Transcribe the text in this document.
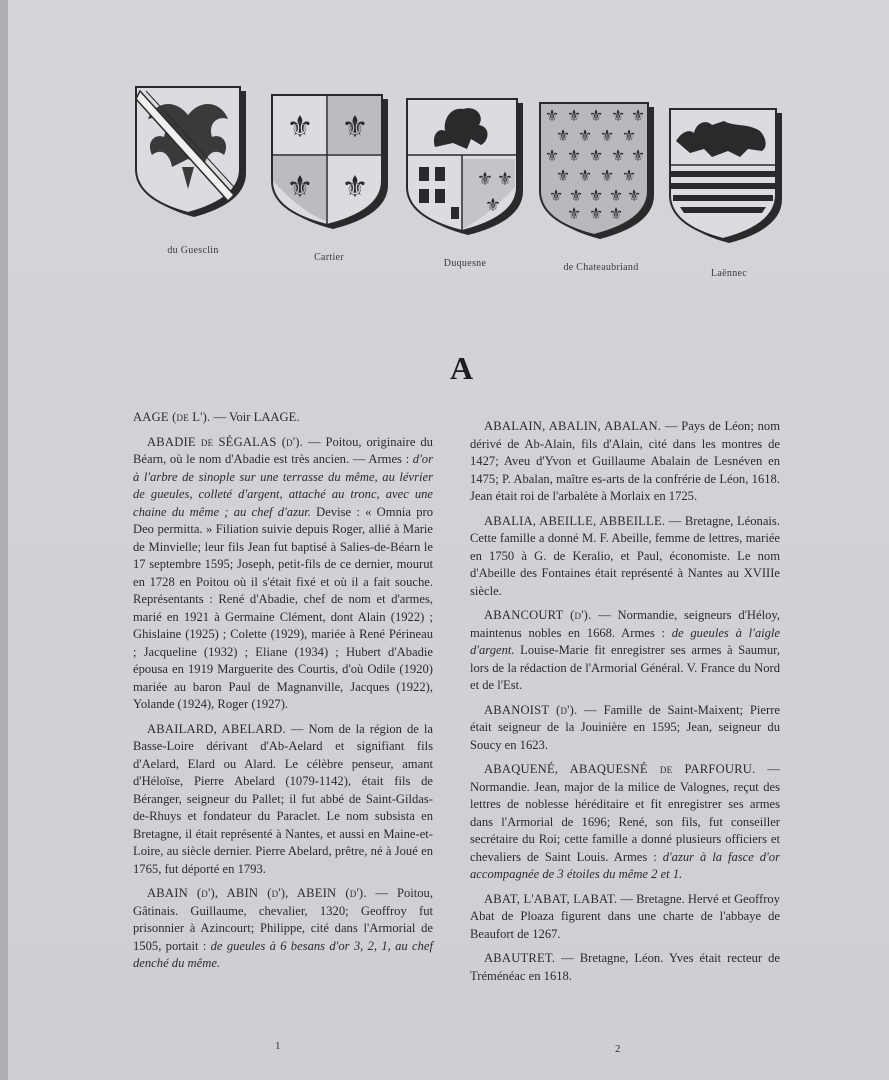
du Guesclin
⚜ ⚜
⚜ ⚜
Cartier
⚜ ⚜
⚜
Duquesne
⚜ ⚜ ⚜ ⚜ ⚜
⚜ ⚜ ⚜ ⚜
⚜ ⚜ ⚜ ⚜ ⚜
⚜ ⚜ ⚜ ⚜
⚜ ⚜ ⚜ ⚜ ⚜
⚜ ⚜ ⚜
de Chateaubriand
Laënnec
A

AAGE (de L'). — Voir LAAGE.

ABADIE de SÉGALAS (d'). — Poitou, originaire du Béarn, où le nom d'Abadie est très ancien. — Armes : d'or à l'arbre de sinople sur une terrasse du même, au lévrier de gueules, colleté d'argent, attaché au tronc, avec une chaine du même ; au chef d'azur. Devise : « Omnia pro Deo permitta. » Filiation suivie depuis Roger, allié à Marie de Minvielle; leur fils Jean fut baptisé à Salies-de-Béarn le 17 septembre 1595; Joseph, petit-fils de ce dernier, mourut en 1728 en Poitou où il s'était fixé et où il a fait souche. Représentants : René d'Abadie, chef de nom et d'armes, marié en 1921 à Germaine Clément, dont Alain (1922) ; Ghislaine (1925) ; Colette (1929), mariée à René Périneau ; Jacqueline (1932) ; Eliane (1934) ; Hubert d'Abadie épousa en 1919 Marguerite des Courtis, d'où Odile (1920) mariée au baron Paul de Magnanville, Jacques (1922), Yolande (1924), Roger (1927).

ABAILARD, ABELARD. — Nom de la région de la Basse-Loire dérivant d'Ab-Aelard et signifiant fils d'Aelard, Elard ou Alard. Le célèbre penseur, amant d'Héloïse, Pierre Abelard (1079-1142), était fils de Béranger, seigneur du Pallet; il fut abbé de Saint-Gildas-de-Rhuys et fondateur du Paraclet. Le nom subsista en Bretagne, il était représenté à Nantes, et aussi en Maine-et-Loire, au siècle dernier. Pierre Abelard, prêtre, né à Joué en 1765, fut déporté en 1793.

ABAIN (d'), ABIN (d'), ABEIN (d'). — Poitou, Gâtinais. Guillaume, chevalier, 1320; Geoffroy fut prisonnier à Azincourt; Philippe, cité dans l'Armorial de 1505, portait : de gueules à 6 besans d'or 3, 2, 1, au chef denché du même.

ABALAIN, ABALIN, ABALAN. — Pays de Léon; nom dérivé de Ab-Alain, fils d'Alain, cité dans les montres de 1427; Aveu d'Yvon et Guillaume Abalain de Lesnéven en 1475; P. Abalan, maître es-arts de la confrérie de Léon, 1618. Jean était roi de l'arbalète à Morlaix en 1725.

ABALIA, ABEILLE, ABBEILLE. — Bretagne, Léonais. Cette famille a donné M. F. Abeille, femme de lettres, mariée en 1750 à G. de Keralio, et Paul, économiste. Le nom d'Abeille des Fontaines était représenté à Nantes au XVIIIe siècle.

ABANCOURT (d'). — Normandie, seigneurs d'Héloy, maintenus nobles en 1668. Armes : de gueules à l'aigle d'argent. Louise-Marie fit enregistrer ses armes à Saumur, lors de la rédaction de l'Armorial Général. V. France du Nord et de l'Est.

ABANOIST (d'). — Famille de Saint-Maixent; Pierre était seigneur de la Jouinière en 1595; Jean, seigneur du Soucy en 1623.

ABAQUENÉ, ABAQUESNÉ de PARFOURU. — Normandie. Jean, major de la milice de Valognes, reçut des lettres de noblesse héréditaire et fit enregistrer ses armes dans l'Armorial de 1696; René, son fils, fut conseiller secrétaire du Roi; cette famille a donné plusieurs officiers et chevaliers de Saint Louis. Armes : d'azur à la fasce d'or accompagnée de 3 étoiles du même 2 et 1.

ABAT, L'ABAT, LABAT. — Bretagne. Hervé et Geoffroy Abat de Ploaza figurent dans une charte de l'abbaye de Beaufort de 1267.

ABAUTRET. — Bretagne, Léon. Yves était recteur de Tréménéac en 1618.

1	2
